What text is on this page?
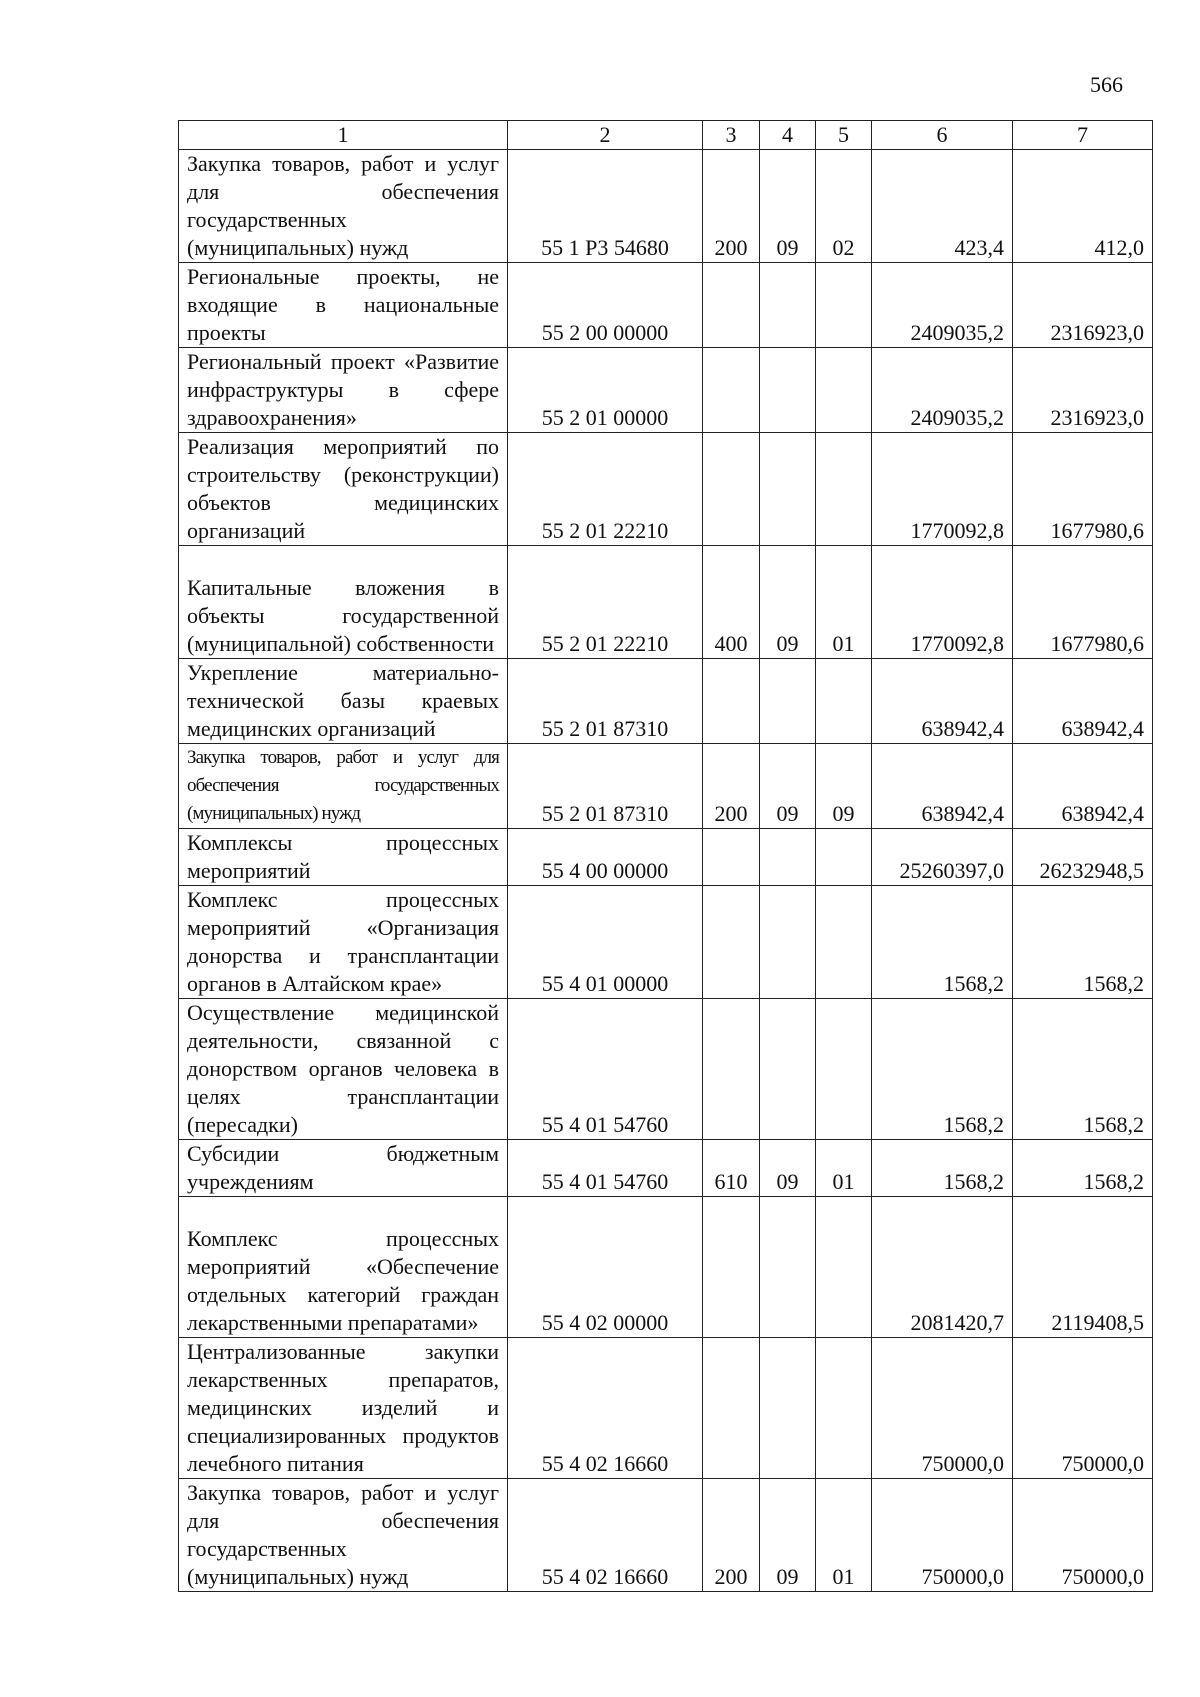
566
1	2	3	4	5	6	7
Закупка товаров, работ и услуг для обеспечения государственных (муниципальных) нужд	55 1 Р3 54680	200	09	02	423,4	412,0
Региональные проекты, не входящие в национальные проекты	55 2 00 00000				2409035,2	2316923,0
Региональный проект «Развитие инфраструктуры в сфере здравоохранения»	55 2 01 00000				2409035,2	2316923,0
Реализация мероприятий по строительству (реконструкции) объектов медицинских организаций	55 2 01 22210				1770092,8	1677980,6
Капитальные вложения в объекты государственной (муниципальной) собственности	55 2 01 22210	400	09	01	1770092,8	1677980,6
Укрепление материально-технической базы краевых медицинских организаций	55 2 01 87310				638942,4	638942,4
Закупка товаров, работ и услуг для обеспечения государственных (муниципальных) нужд	55 2 01 87310	200	09	09	638942,4	638942,4
Комплексы процессных мероприятий	55 4 00 00000				25260397,0	26232948,5
Комплекс процессных мероприятий «Организация донорства и трансплантации органов в Алтайском крае»	55 4 01 00000				1568,2	1568,2
Осуществление медицинской деятельности, связанной с донорством органов человека в целях трансплантации (пересадки)	55 4 01 54760				1568,2	1568,2
Субсидии бюджетным учреждениям	55 4 01 54760	610	09	01	1568,2	1568,2
Комплекс процессных мероприятий «Обеспечение отдельных категорий граждан лекарственными препаратами»	55 4 02 00000				2081420,7	2119408,5
Централизованные закупки лекарственных препаратов, медицинских изделий и специализированных продуктов лечебного питания	55 4 02 16660				750000,0	750000,0
Закупка товаров, работ и услуг для обеспечения государственных (муниципальных) нужд	55 4 02 16660	200	09	01	750000,0	750000,0
